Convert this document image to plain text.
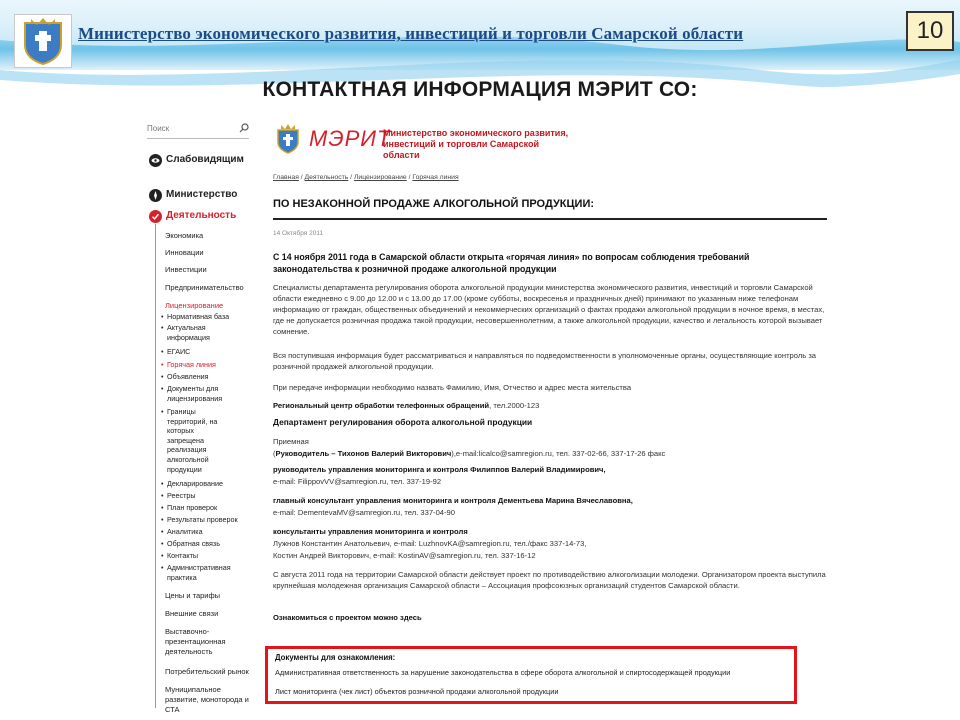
Министерство экономического развития, инвестиций и торговли Самарской области	10
КОНТАКТНАЯ ИНФОРМАЦИЯ МЭРИТ СО:
Поиск
Слабовидящим
Министерство
Деятельность
Экономика
Инновации
Инвестиции
Предпринимательство
Лицензирование
• Нормативная база
• Актуальная информация
• ЕГАИС
• Горячая линия
• Объявления
• Документы для лицензирования
• Границы территорий, на которых запрещена реализация алкогольной продукции
• Декларирование
• Реестры
• План проверок
• Результаты проверок
• Аналитика
• Обратная связь
• Контакты
• Административная практика
Цены и тарифы
Внешние связи
Выставочно-презентационная деятельность
Потребительский рынок
Муниципальное развитие, монотоpода и СТА
МЭРИТ
Министерство экономического развития, инвестиций и торговли Самарской области
Главная / Деятельность / Лицензирование / Горячая линия
ПО НЕЗАКОННОЙ ПРОДАЖЕ АЛКОГОЛЬНОЙ ПРОДУКЦИИ:
14 Октября 2011
С 14 ноября 2011 года в Самарской области открыта «горячая линия» по вопросам соблюдения требований законодательства к розничной продаже алкогольной продукции
Специалисты департамента регулирования оборота алкогольной продукции министерства экономического развития, инвестиций и торговли Самарской области ежедневно с 9.00 до 12.00 и с 13.00 до 17.00 (кроме субботы, воскресенья и праздничных дней) принимают по указанным ниже телефонам информацию от граждан, общественных объединений и некоммерческих организаций о фактах продажи алкогольной продукции в ночное время, в местах, где не допускается розничная продажа такой продукции, несовершеннолетним, а также алкогольной продукции, качество и легальность которой вызывает сомнение.
Вся поступившая информация будет рассматриваться и направляться по подведомственности в уполномоченные органы, осуществляющие контроль за розничной продажей алкогольной продукции.
При передаче информации необходимо назвать Фамилию, Имя, Отчество и адрес места жительства
Региональный центр обработки телефонных обращений, тел.2000-123
Департамент регулирования оборота алкогольной продукции
Приемная
(Руководитель – Тихонов Валерий Викторович),e-mail:licalco@samregion.ru, тел. 337-02-66, 337-17-26 факс
руководитель управления мониторинга и контроля Филиппов Валерий Владимирович,
e-mail: FilippovVV@samregion.ru, тел. 337-19-92
главный консультант управления мониторинга и контроля Дементьева Марина Вячеславовна,
e-mail: DementevaMV@samregion.ru, тел. 337-04-90
консультанты управления мониторинга и контроля
Лужнов Константин Анатольевич, e-mail: LuzhnovKA@samregion.ru, тел./факс 337-14-73,
Костин Андрей Викторович, e-mail: KostinAV@samregion.ru, тел. 337-16-12
С августа 2011 года на территории Самарской области действует проект по противодействию алкоголизации молодежи. Организатором проекта выступила крупнейшая молодежная организация Самарской области – Ассоциация профсоюзных организаций студентов Самарской области.
Ознакомиться с проектом можно здесь
Документы для ознакомления:
Административная ответственность за нарушение законодательства в сфере оборота алкогольной и спиртосодержащей продукции
Лист мониторинга (чек лист) объектов розничной продажи алкогольной продукции
